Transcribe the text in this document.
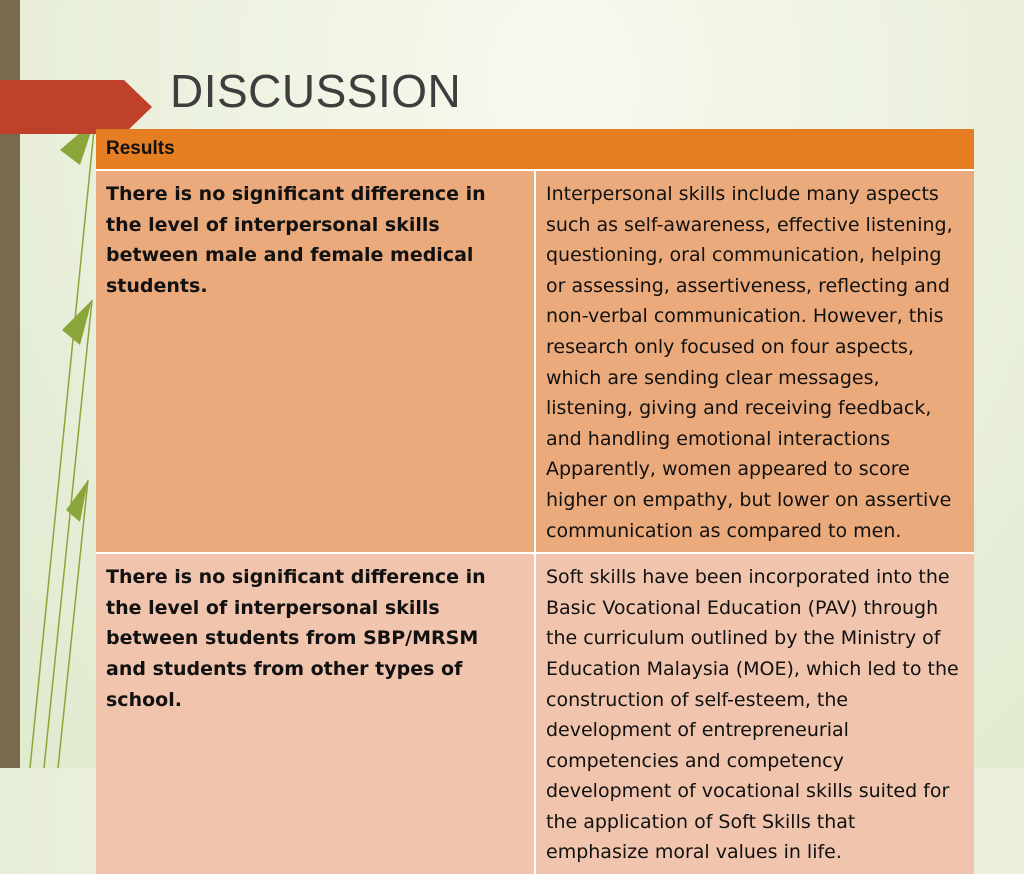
DISCUSSION
Results	
There is no significant difference in the level of interpersonal skills between male and female medical students.	Interpersonal skills include many aspects such as self-awareness, effective listening, questioning, oral communication, helping or assessing, assertiveness, reflecting and non-verbal communication. However, this research only focused on four aspects, which are sending clear messages, listening, giving and receiving feedback, and handling emotional interactions Apparently, women appeared to score higher on empathy, but lower on assertive communication as compared to men.
There is no significant difference in the level of interpersonal skills between students from SBP/MRSM and students from other types of school.	Soft skills have been incorporated into the Basic Vocational Education (PAV) through the curriculum outlined by the Ministry of Education Malaysia (MOE), which led to the construction of self-esteem, the development of entrepreneurial competencies and competency development of vocational skills suited for the application of Soft Skills that emphasize moral values in life.
